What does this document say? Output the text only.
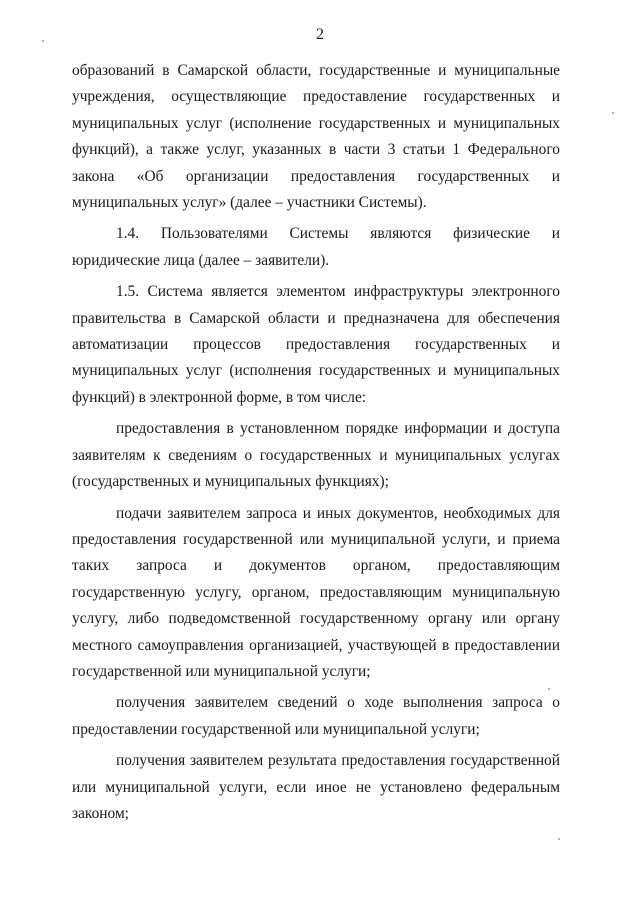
2

образований в Самарской области, государственные и муниципальные учреждения, осуществляющие предоставление государственных и муниципальных услуг (исполнение государственных и муниципальных функций), а также услуг, указанных в части 3 статьи 1 Федерального закона «Об организации предоставления государственных и муниципальных услуг» (далее – участники Системы).

1.4. Пользователями Системы являются физические и юридические лица (далее – заявители).

1.5. Система является элементом инфраструктуры электронного правительства в Самарской области и предназначена для обеспечения автоматизации процессов предоставления государственных и муниципальных услуг (исполнения государственных и муниципальных функций) в электронной форме, в том числе:

предоставления в установленном порядке информации и доступа заявителям к сведениям о государственных и муниципальных услугах (государственных и муниципальных функциях);

подачи заявителем запроса и иных документов, необходимых для предоставления государственной или муниципальной услуги, и приема таких запроса и документов органом, предоставляющим государственную услугу, органом, предоставляющим муниципальную услугу, либо подведомственной государственному органу или органу местного самоуправления организацией, участвующей в предоставлении государственной или муниципальной услуги;

получения заявителем сведений о ходе выполнения запроса о предоставлении государственной или муниципальной услуги;

получения заявителем результата предоставления государственной или муниципальной услуги, если иное не установлено федеральным законом;
